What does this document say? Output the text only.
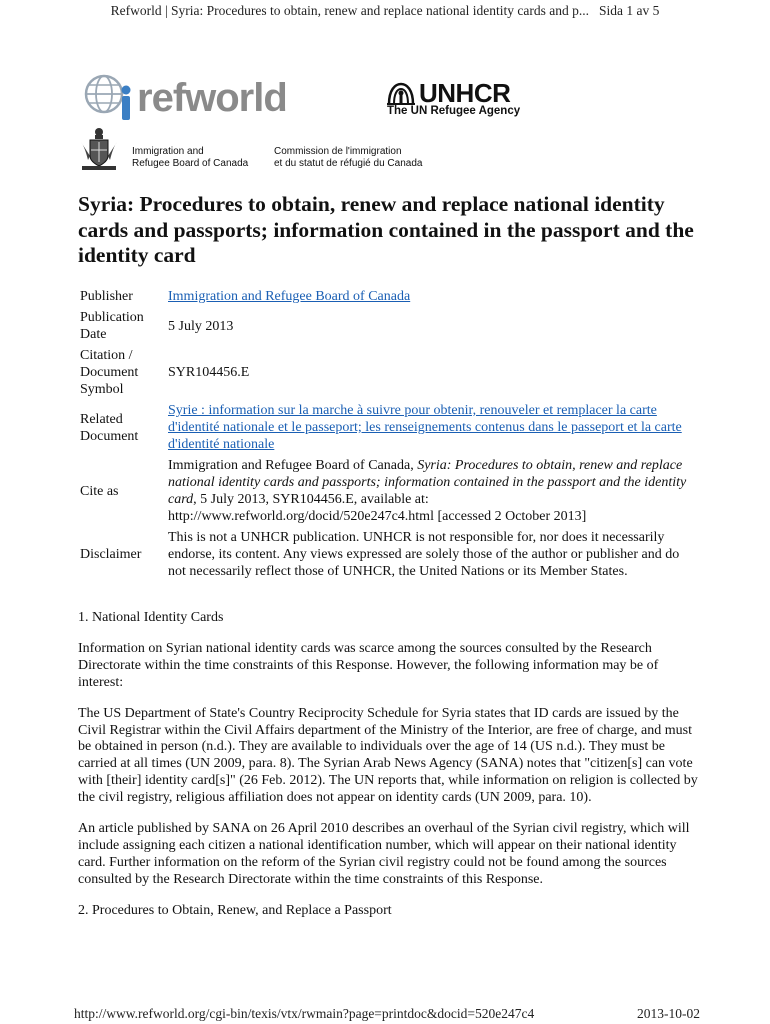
Refworld | Syria: Procedures to obtain, renew and replace national identity cards and p... Sida 1 av 5
refworld	UNHCR
The UN Refugee Agency
Immigration and
Refugee Board of Canada
Commission de l'immigration
et du statut de réfugié du Canada
Syria: Procedures to obtain, renew and replace national identity cards and passports; information contained in the passport and the identity card
Publisher	Immigration and Refugee Board of Canada
Publication Date	5 July 2013
Citation / Document Symbol	SYR104456.E
Related Document	Syrie : information sur la marche à suivre pour obtenir, renouveler et remplacer la carte d'identité nationale et le passeport; les renseignements contenus dans le passeport et la carte d'identité nationale
Cite as	Immigration and Refugee Board of Canada, Syria: Procedures to obtain, renew and replace national identity cards and passports; information contained in the passport and the identity card, 5 July 2013, SYR104456.E, available at: http://www.refworld.org/docid/520e247c4.html [accessed 2 October 2013]
Disclaimer	This is not a UNHCR publication. UNHCR is not responsible for, nor does it necessarily endorse, its content. Any views expressed are solely those of the author or publisher and do not necessarily reflect those of UNHCR, the United Nations or its Member States.

1. National Identity Cards

Information on Syrian national identity cards was scarce among the sources consulted by the Research Directorate within the time constraints of this Response. However, the following information may be of interest:

The US Department of State's Country Reciprocity Schedule for Syria states that ID cards are issued by the Civil Registrar within the Civil Affairs department of the Ministry of the Interior, are free of charge, and must be obtained in person (n.d.). They are available to individuals over the age of 14 (US n.d.). They must be carried at all times (UN 2009, para. 8). The Syrian Arab News Agency (SANA) notes that "citizen[s] can vote with [their] identity card[s]" (26 Feb. 2012). The UN reports that, while information on religion is collected by the civil registry, religious affiliation does not appear on identity cards (UN 2009, para. 10).

An article published by SANA on 26 April 2010 describes an overhaul of the Syrian civil registry, which will include assigning each citizen a national identification number, which will appear on their national identity card. Further information on the reform of the Syrian civil registry could not be found among the sources consulted by the Research Directorate within the time constraints of this Response.

2. Procedures to Obtain, Renew, and Replace a Passport

http://www.refworld.org/cgi-bin/texis/vtx/rwmain?page=printdoc&docid=520e247c4	2013-10-02
